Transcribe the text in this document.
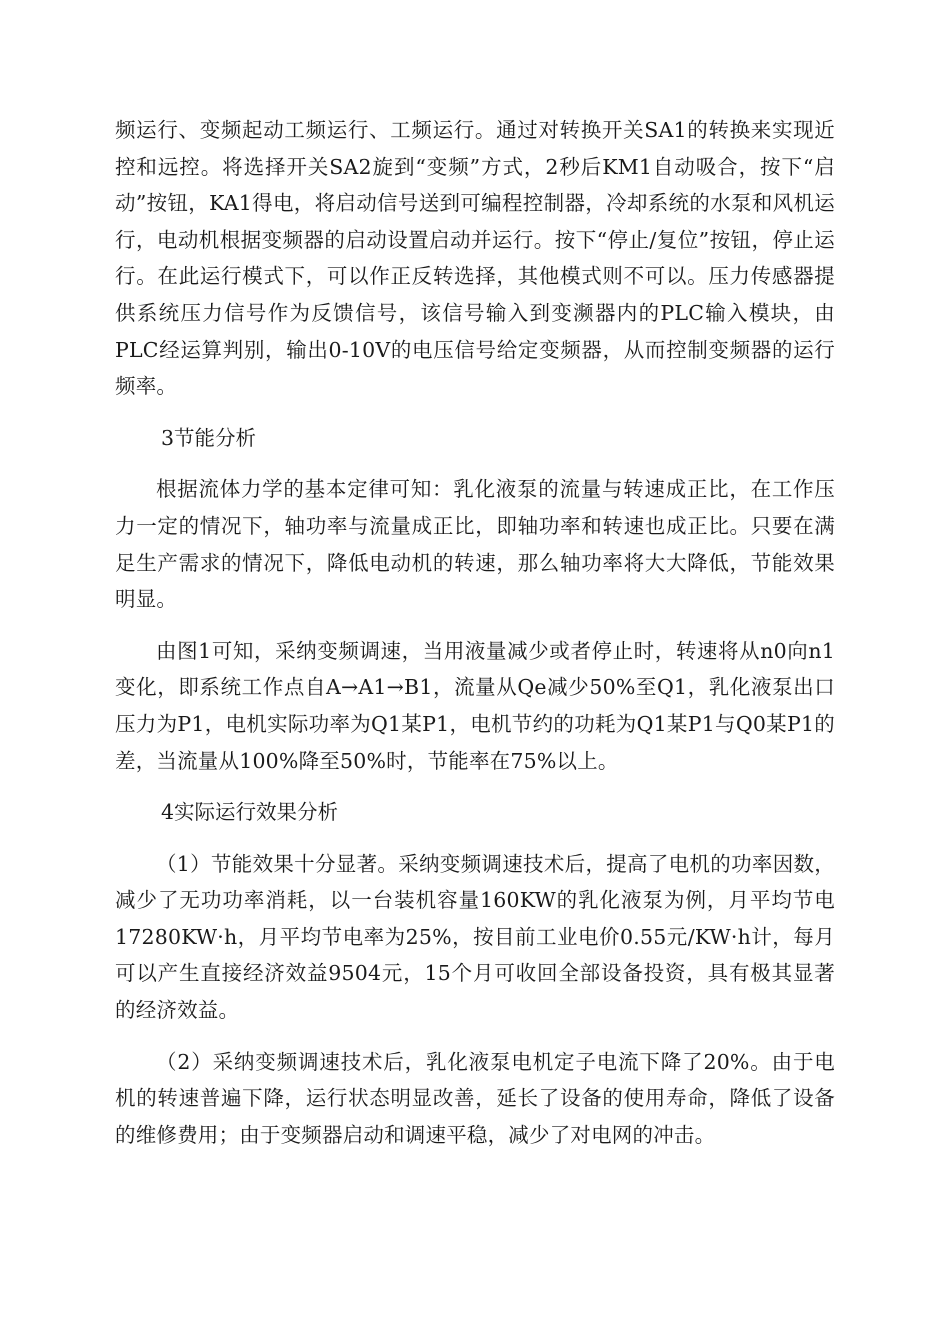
频运行、变频起动工频运行、工频运行。通过对转换开关SA1的转换来实现近控和远控。将选择开关SA2旋到“变频”方式，2秒后KM1自动吸合，按下“启动”按钮，KA1得电，将启动信号送到可编程控制器，冷却系统的水泵和风机运行，电动机根据变频器的启动设置启动并运行。按下“停止/复位”按钮，停止运行。在此运行模式下，可以作正反转选择，其他模式则不可以。压力传感器提供系统压力信号作为反馈信号，该信号输入到变濒器内的PLC输入模块，由PLC经运算判别，输出0-10V的电压信号给定变频器，从而控制变频器的运行频率。

3节能分析

根据流体力学的基本定律可知：乳化液泵的流量与转速成正比，在工作压力一定的情况下，轴功率与流量成正比，即轴功率和转速也成正比。只要在满足生产需求的情况下，降低电动机的转速，那么轴功率将大大降低，节能效果明显。

由图1可知，采纳变频调速，当用液量减少或者停止时，转速将从n0向n1变化，即系统工作点自A→A1→B1，流量从Qe减少50%至Q1，乳化液泵出口压力为P1，电机实际功率为Q1某P1，电机节约的功耗为Q1某P1与Q0某P1的差，当流量从100%降至50%时，节能率在75%以上。

4实际运行效果分析

（1）节能效果十分显著。采纳变频调速技术后，提高了电机的功率因数，减少了无功功率消耗，以一台装机容量160KW的乳化液泵为例，月平均节电17280KW·h，月平均节电率为25%，按目前工业电价0.55元/KW·h计，每月可以产生直接经济效益9504元，15个月可收回全部设备投资，具有极其显著的经济效益。

（2）采纳变频调速技术后，乳化液泵电机定子电流下降了20%。由于电机的转速普遍下降，运行状态明显改善，延长了设备的使用寿命，降低了设备的维修费用；由于变频器启动和调速平稳，减少了对电网的冲击。
